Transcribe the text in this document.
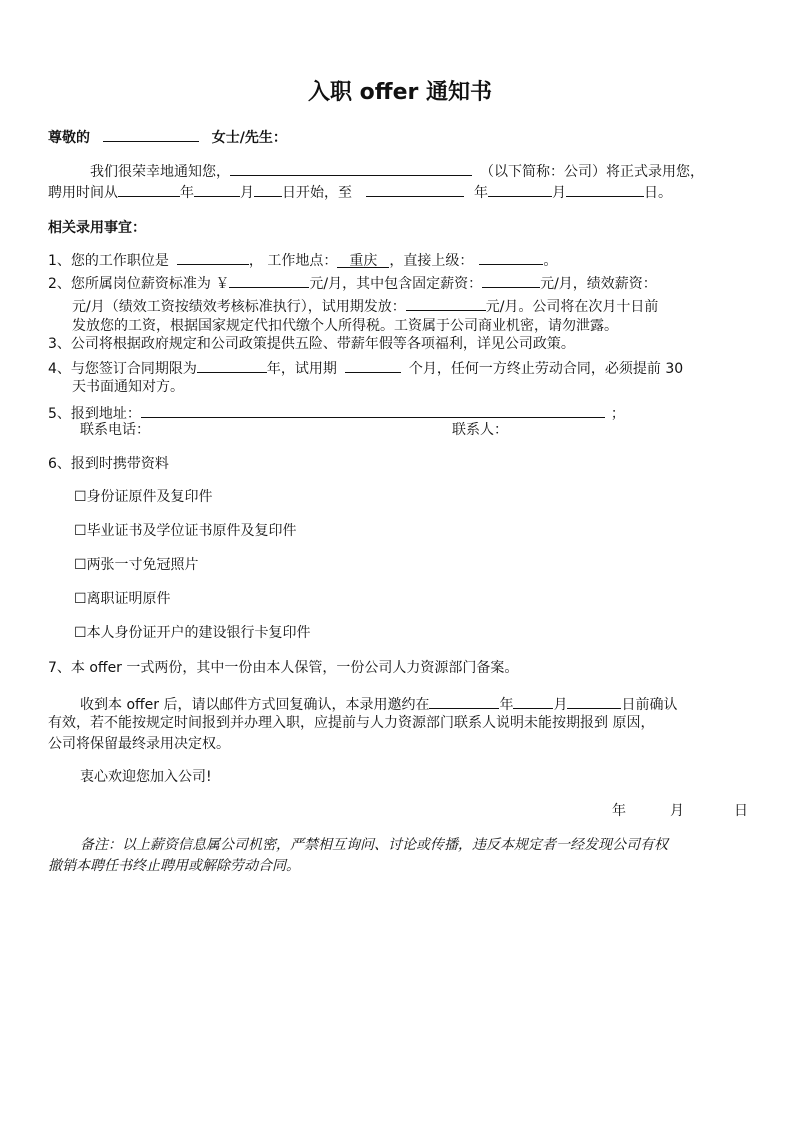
入职 offer 通知书
尊敬的	女士/先生：
我们很荣幸地通知您，	（以下简称：公司）将正式录用您，
聘用时间从	年	月 日开始，至	年	月	日。
相关录用事宜：
1、您的工作职位是	， 工作地点： 重庆 ，直接上级：	。
2、您所属岗位薪资标准为 ￥	元/月，其中包含固定薪资：	元/月，绩效薪资：
元/月（绩效工资按绩效考核标准执行），试用期发放：	元/月。公司将在次月十日前
发放您的工资，根据国家规定代扣代缴个人所得税。工资属于公司商业机密，请勿泄露。
3、公司将根据政府规定和公司政策提供五险、带薪年假等各项福利，详见公司政策。
4、与您签订合同期限为	年，试用期	个月，任何一方终止劳动合同，必须提前 30
天书面通知对方。
5、报到地址：	；
联系电话：	联系人：
6、报到时携带资料
☐身份证原件及复印件
☐毕业证书及学位证书原件及复印件
☐两张一寸免冠照片
☐离职证明原件
☐本人身份证开户的建设银行卡复印件
7、本 offer 一式两份，其中一份由本人保管，一份公司人力资源部门备案。
收到本 offer 后，请以邮件方式回复确认，本录用邀约在	年	月	日前确认
有效，若不能按规定时间报到并办理入职，应提前与人力资源部门联系人说明未能按期报到 原因，
公司将保留最终录用决定权。
衷心欢迎您加入公司!
年	月	日
备注：以上薪资信息属公司机密，严禁相互询问、讨论或传播，违反本规定者一经发现公司有权
撤销本聘任书终止聘用或解除劳动合同。
